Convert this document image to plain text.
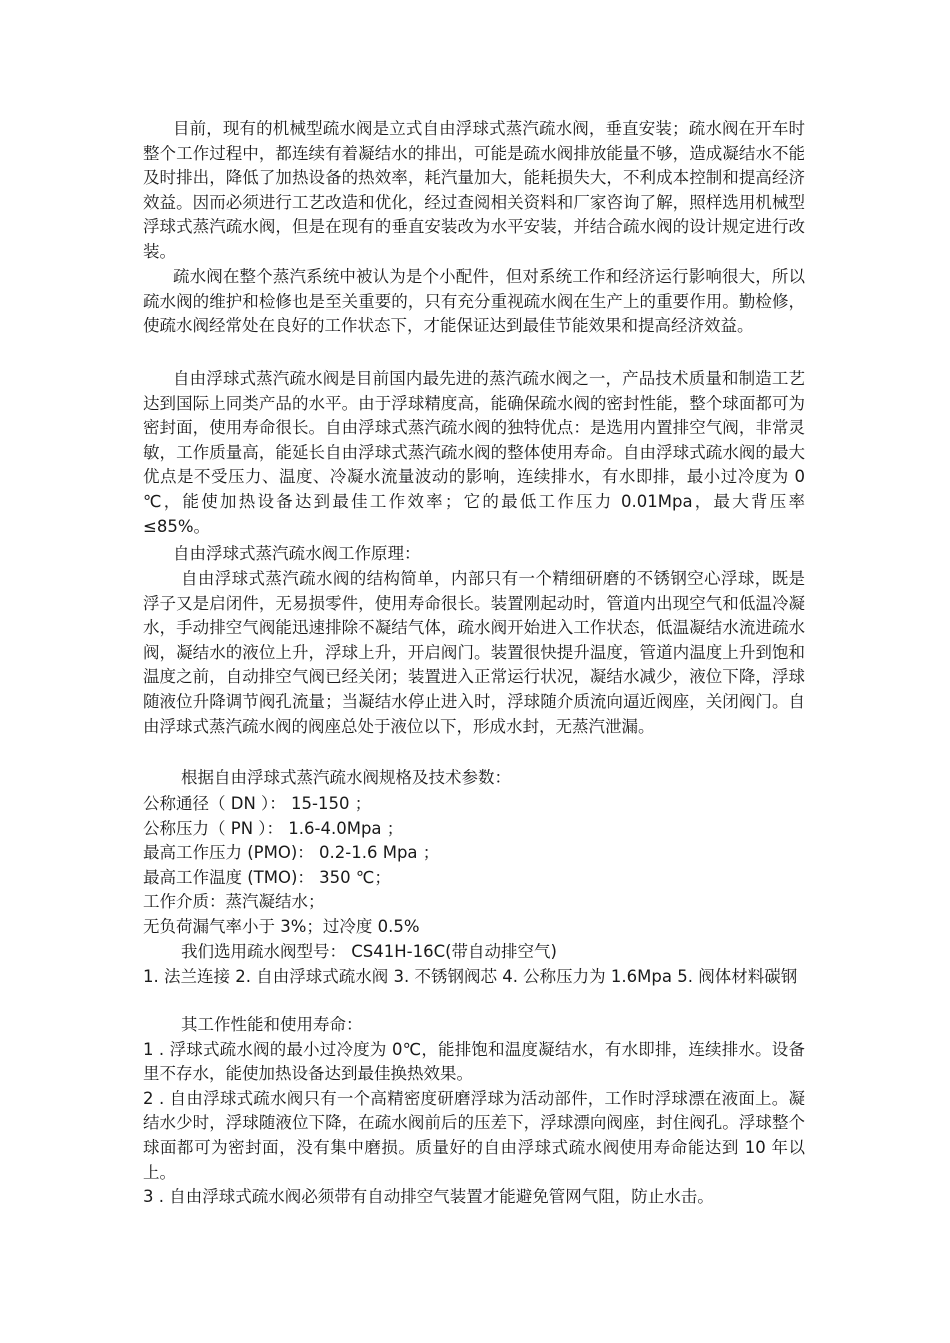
目前，现有的机械型疏水阀是立式自由浮球式蒸汽疏水阀，垂直安装；疏水阀在开车时整个工作过程中，都连续有着凝结水的排出，可能是疏水阀排放能量不够，造成凝结水不能及时排出，降低了加热设备的热效率，耗汽量加大，能耗损失大，不利成本控制和提高经济效益。因而必须进行工艺改造和优化，经过查阅相关资料和厂家咨询了解，照样选用机械型浮球式蒸汽疏水阀，但是在现有的垂直安装改为水平安装，并结合疏水阀的设计规定进行改装。

疏水阀在整个蒸汽系统中被认为是个小配件，但对系统工作和经济运行影响很大，所以疏水阀的维护和检修也是至关重要的，只有充分重视疏水阀在生产上的重要作用。勤检修，使疏水阀经常处在良好的工作状态下，才能保证达到最佳节能效果和提高经济效益。

自由浮球式蒸汽疏水阀是目前国内最先进的蒸汽疏水阀之一，产品技术质量和制造工艺达到国际上同类产品的水平。由于浮球精度高，能确保疏水阀的密封性能，整个球面都可为密封面，使用寿命很长。自由浮球式蒸汽疏水阀的独特优点：是选用内置排空气阀，非常灵敏，工作质量高，能延长自由浮球式蒸汽疏水阀的整体使用寿命。自由浮球式疏水阀的最大优点是不受压力、温度、冷凝水流量波动的影响，连续排水，有水即排，最小过冷度为 0 ℃，能使加热设备达到最佳工作效率；它的最低工作压力 0.01Mpa，最大背压率 ≤85%。

自由浮球式蒸汽疏水阀工作原理：

自由浮球式蒸汽疏水阀的结构简单，内部只有一个精细研磨的不锈钢空心浮球，既是浮子又是启闭件，无易损零件，使用寿命很长。装置刚起动时，管道内出现空气和低温冷凝水，手动排空气阀能迅速排除不凝结气体，疏水阀开始进入工作状态，低温凝结水流进疏水阀，凝结水的液位上升，浮球上升，开启阀门。装置很快提升温度，管道内温度上升到饱和温度之前，自动排空气阀已经关闭；装置进入正常运行状况，凝结水减少，液位下降，浮球随液位升降调节阀孔流量；当凝结水停止进入时，浮球随介质流向逼近阀座，关闭阀门。自由浮球式蒸汽疏水阀的阀座总处于液位以下，形成水封，无蒸汽泄漏。

根据自由浮球式蒸汽疏水阀规格及技术参数：

公称通径（ DN ）： 15-150 ；

公称压力（ PN ）： 1.6-4.0Mpa ；

最高工作压力 (PMO)： 0.2-1.6 Mpa ；

最高工作温度 (TMO)： 350 ℃；

工作介质：蒸汽凝结水；

无负荷漏气率小于 3%；过冷度 0.5%

我们选用疏水阀型号： CS41H-16C(带自动排空气)

1. 法兰连接 2. 自由浮球式疏水阀 3. 不锈钢阀芯 4. 公称压力为 1.6Mpa 5. 阀体材料碳钢

其工作性能和使用寿命：

1 . 浮球式疏水阀的最小过冷度为 0℃，能排饱和温度凝结水，有水即排，连续排水。设备里不存水，能使加热设备达到最佳换热效果。

2 . 自由浮球式疏水阀只有一个高精密度研磨浮球为活动部件，工作时浮球漂在液面上。凝结水少时，浮球随液位下降，在疏水阀前后的压差下，浮球漂向阀座，封住阀孔。浮球整个球面都可为密封面，没有集中磨损。质量好的自由浮球式疏水阀使用寿命能达到 10 年以上。

3 . 自由浮球式疏水阀必须带有自动排空气装置才能避免管网气阻，防止水击。
